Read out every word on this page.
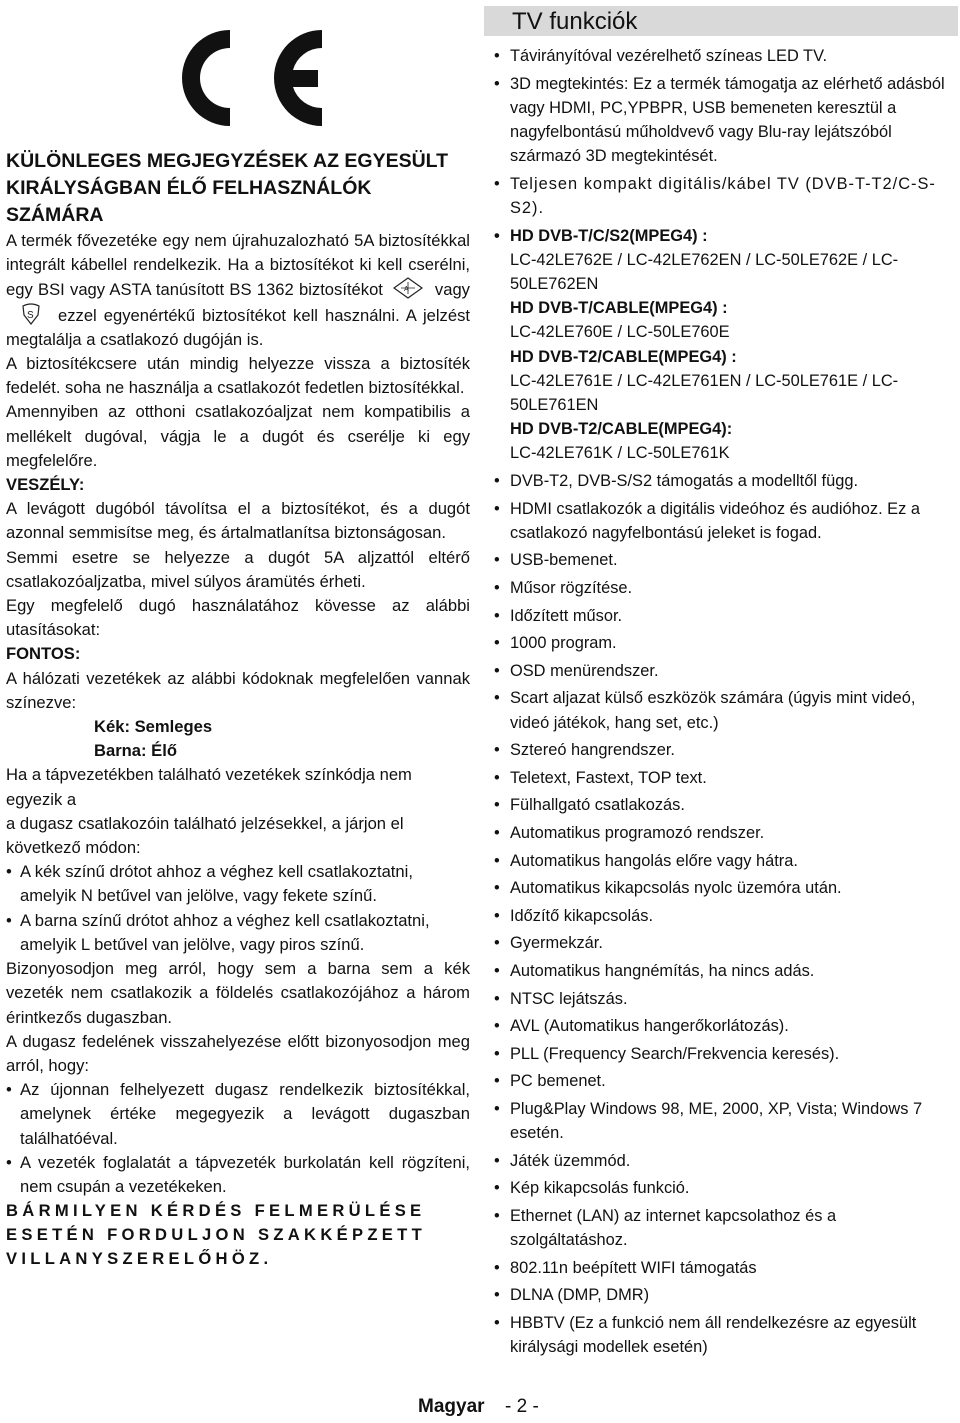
KÜLÖNLEGES MEGJEGYZÉSEK AZ EGYESÜLT KIRÁLYSÁGBAN ÉLŐ FELHASZNÁLÓK SZÁMÁRA

A termék fővezetéke egy nem újrahuzalozható 5A biztosítékkal integrált kábellel rendelkezik. Ha a biztosítékot ki kell cserélni, egy BSI vagy ASTA tanúsított BS 1362 biztosítékot	A vagy
S ezzel egyenértékű biztosítékot kell használni. A jelzést megtalálja a csatlakozó dugóján is.

A biztosítékcsere után mindig helyezze vissza a biztosíték fedelét. soha ne használja a csatlakozót fedetlen biztosítékkal.

Amennyiben az otthoni csatlakozóaljzat nem kompatibilis a mellékelt dugóval, vágja le a dugót és cserélje ki egy megfelelőre.

VESZÉLY:

A levágott dugóból távolítsa el a biztosítékot, és a dugót azonnal semmisítse meg, és ártalmatlanítsa biztonságosan.

Semmi esetre se helyezze a dugót 5A aljzattól eltérő csatlakozóaljzatba, mivel súlyos áramütés érheti.

Egy megfelelő dugó használatához kövesse az alábbi utasításokat:

FONTOS:

A hálózati vezetékek az alábbi kódoknak megfelelően vannak színezve:

Kék: Semleges

Barna: Élő

Ha a tápvezetékben található vezetékek színkódja nem egyezik a

a dugasz csatlakozóin található jelzésekkel, a járjon el következő módon:

• A kék színű drótot ahhoz a véghez kell csatlakoztatni, amelyik N betűvel van jelölve, vagy fekete színű.

• A barna színű drótot ahhoz a véghez kell csatlakoztatni, amelyik L betűvel van jelölve, vagy piros színű.

Bizonyosodjon meg arról, hogy sem a barna sem a kék vezeték nem csatlakozik a földelés csatlakozójához a három érintkezős dugaszban.

A dugasz fedelének visszahelyezése előtt bizonyosodjon meg arról, hogy:

• Az újonnan felhelyezett dugasz rendelkezik biztosítékkal, amelynek értéke megegyezik a levágott dugaszban találhatóéval.

• A vezeték foglalatát a tápvezeték burkolatán kell rögzíteni, nem csupán a vezetékeken.

BÁRMILYEN KÉRDÉS FELMERÜLÉSE ESETÉN FORDULJON SZAKKÉPZETT VILLANYSZERELŐHÖZ.

TV funkciók
• Távirányítóval vezérelhető színeas LED TV.
• 3D megtekintés: Ez a termék támogatja az elérhető adásból vagy HDMI, PC,YPBPR, USB bemeneten keresztül a nagyfelbontású műholdvevő vagy Blu-ray lejátszóból származó 3D megtekintését.
• Teljesen kompakt digitális/kábel TV (DVB-T-T2/C-S-S2).
• HD DVB-T/C/S2(MPEG4) :
LC-42LE762E / LC-42LE762EN / LC-50LE762E / LC-50LE762EN
HD DVB-T/CABLE(MPEG4) :
LC-42LE760E / LC-50LE760E
HD DVB-T2/CABLE(MPEG4) :
LC-42LE761E / LC-42LE761EN / LC-50LE761E / LC-50LE761EN
HD DVB-T2/CABLE(MPEG4):
LC-42LE761K / LC-50LE761K
• DVB-T2, DVB-S/S2 támogatás a modelltől függ.
• HDMI csatlakozók a digitális videóhoz és audióhoz. Ez a csatlakozó nagyfelbontású jeleket is fogad.
• USB-bemenet.
• Műsor rögzítése.
• Időzített műsor.
• 1000 program.
• OSD menürendszer.
• Scart aljazat külső eszközök számára (úgyis mint videó, videó játékok, hang set, etc.)
• Sztereó hangrendszer.
• Teletext, Fastext, TOP text.
• Fülhallgató csatlakozás.
• Automatikus programozó rendszer.
• Automatikus hangolás előre vagy hátra.
• Automatikus kikapcsolás nyolc üzemóra után.
• Időzítő kikapcsolás.
• Gyermekzár.
• Automatikus hangnémítás, ha nincs adás.
• NTSC lejátszás.
• AVL (Automatikus hangerőkorlátozás).
• PLL (Frequency Search/Frekvencia keresés).
• PC bemenet.
• Plug&Play Windows 98, ME, 2000, XP, Vista; Windows 7 esetén.
• Játék üzemmód.
• Kép kikapcsolás funkció.
• Ethernet (LAN) az internet kapcsolathoz és a szolgáltatáshoz.
• 802.11n beépített WIFI támogatás
• DLNA (DMP, DMR)
• HBBTV (Ez a funkció nem áll rendelkezésre az egyesült királysági modellek esetén)
Magyar - 2 -
